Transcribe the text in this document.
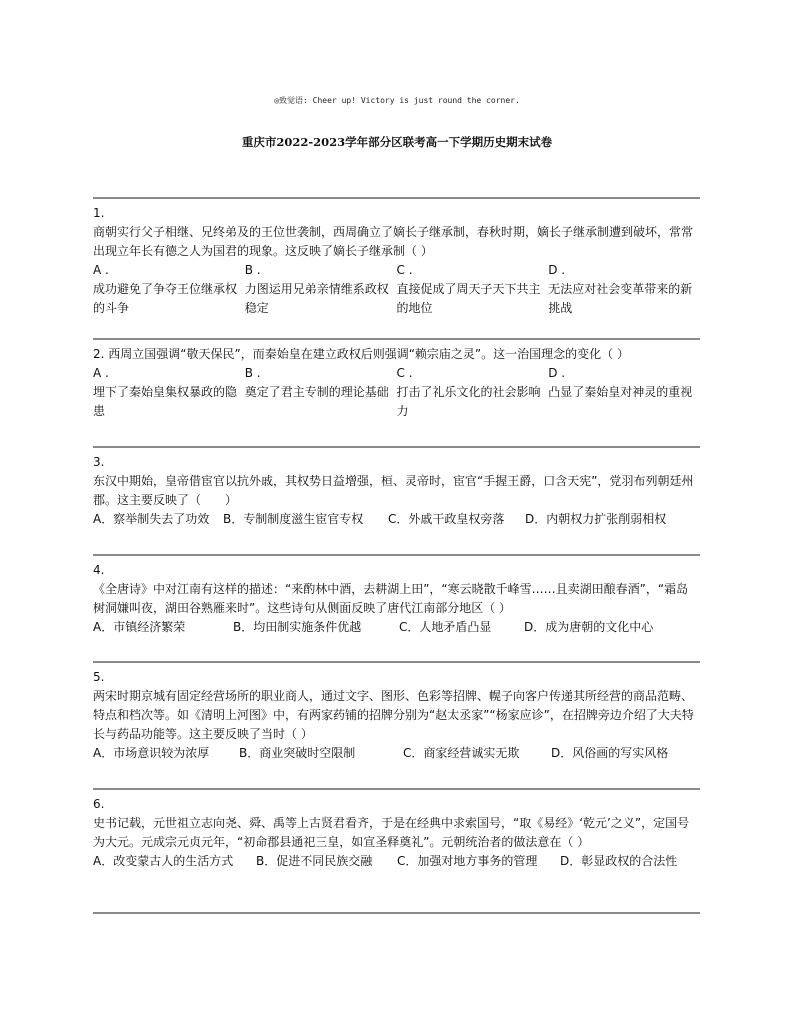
◎致觉语: Cheer up! Victory is just round the corner.
重庆市2022-2023学年部分区联考高一下学期历史期末试卷
1.
商朝实行父子相继、兄终弟及的王位世袭制，西周确立了嫡长子继承制，春秋时期，嫡长子继承制遭到破坏，常常出现立年长有德之人为国君的现象。这反映了嫡长子继承制（ ）
A .
成功避免了争夺王位继承权的斗争
B .
力图运用兄弟亲情维系政权稳定
C .
直接促成了周天子天下共主的地位
D .
无法应对社会变革带来的新挑战
2. 西周立国强调“敬天保民”，而秦始皇在建立政权后则强调“赖宗庙之灵”。这一治国理念的变化（ ）
A .
埋下了秦始皇集权暴政的隐患
B .
奠定了君主专制的理论基础
C .
打击了礼乐文化的社会影响力
D .
凸显了秦始皇对神灵的重视
3.
东汉中期始，皇帝借宦官以抗外戚，其权势日益增强，桓、灵帝时，宦官“手握王爵，口含天宪”，党羽布列朝廷州郡。这主要反映了（　　）
A．察举制失去了功效	B．专制制度滋生宦官专权	C．外戚干政皇权旁落	D．内朝权力扩张削弱相权
4.
《全唐诗》中对江南有这样的描述：“来酌林中酒，去耕湖上田”，“寒云晓散千峰雪……且卖湖田酿春酒”，“霜岛树洞嫌叫夜，湖田谷熟雁来时”。这些诗句从侧面反映了唐代江南部分地区（ ）
A．市镇经济繁荣	B．均田制实施条件优越	C．人地矛盾凸显	D．成为唐朝的文化中心
5.
两宋时期京城有固定经营场所的职业商人，通过文字、图形、色彩等招牌、幌子向客户传递其所经营的商品范畴、特点和档次等。如《清明上河图》中，有两家药铺的招牌分别为“赵太丞家”“杨家应诊”，在招牌旁边介绍了大夫特长与药品功能等。这主要反映了当时（ ）
A．市场意识较为浓厚	B．商业突破时空限制	C．商家经营诚实无欺	D．风俗画的写实风格
6.
史书记载，元世祖立志向尧、舜、禹等上古贤君看齐，于是在经典中求索国号，“取《易经》‘乾元’之义”，定国号为大元。元成宗元贞元年，“初命郡县通祀三皇，如宣圣释奠礼”。元朝统治者的做法意在（ ）
A．改变蒙古人的生活方式	B．促进不同民族交融	C．加强对地方事务的管理	D．彰显政权的合法性
